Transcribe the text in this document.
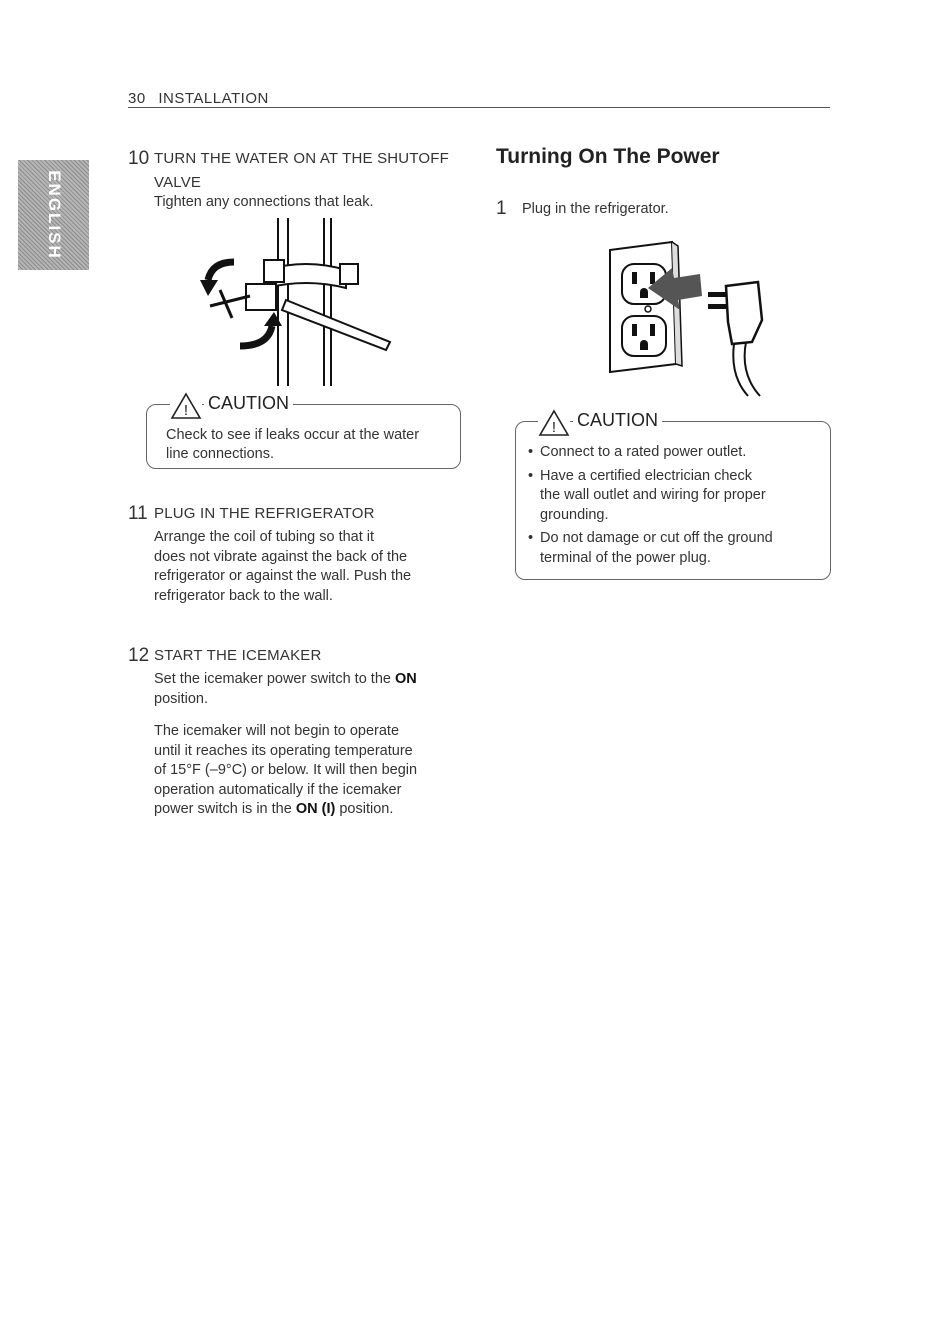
30 INSTALLATION
ENGLISH
10 TURN THE WATER ON AT THE SHUTOFF
VALVE
Tighten any connections that leak.
! CAUTION
Check to see if leaks occur at the water
line connections.
11 PLUG IN THE REFRIGERATOR
Arrange the coil of tubing so that it
does not vibrate against the back of the
refrigerator or against the wall. Push the
refrigerator back to the wall.
12 START THE ICEMAKER
Set the icemaker power switch to the ON
position.
The icemaker will not begin to operate
until it reaches its operating temperature
of 15°F (–9°C) or below. It will then begin
operation automatically if the icemaker
power switch is in the ON (I) position.
Turning On The Power
1 Plug in the refrigerator.
! CAUTION
• Connect to a rated power outlet.
• Have a certified electrician check
the wall outlet and wiring for proper
grounding.
• Do not damage or cut off the ground
terminal of the power plug.
